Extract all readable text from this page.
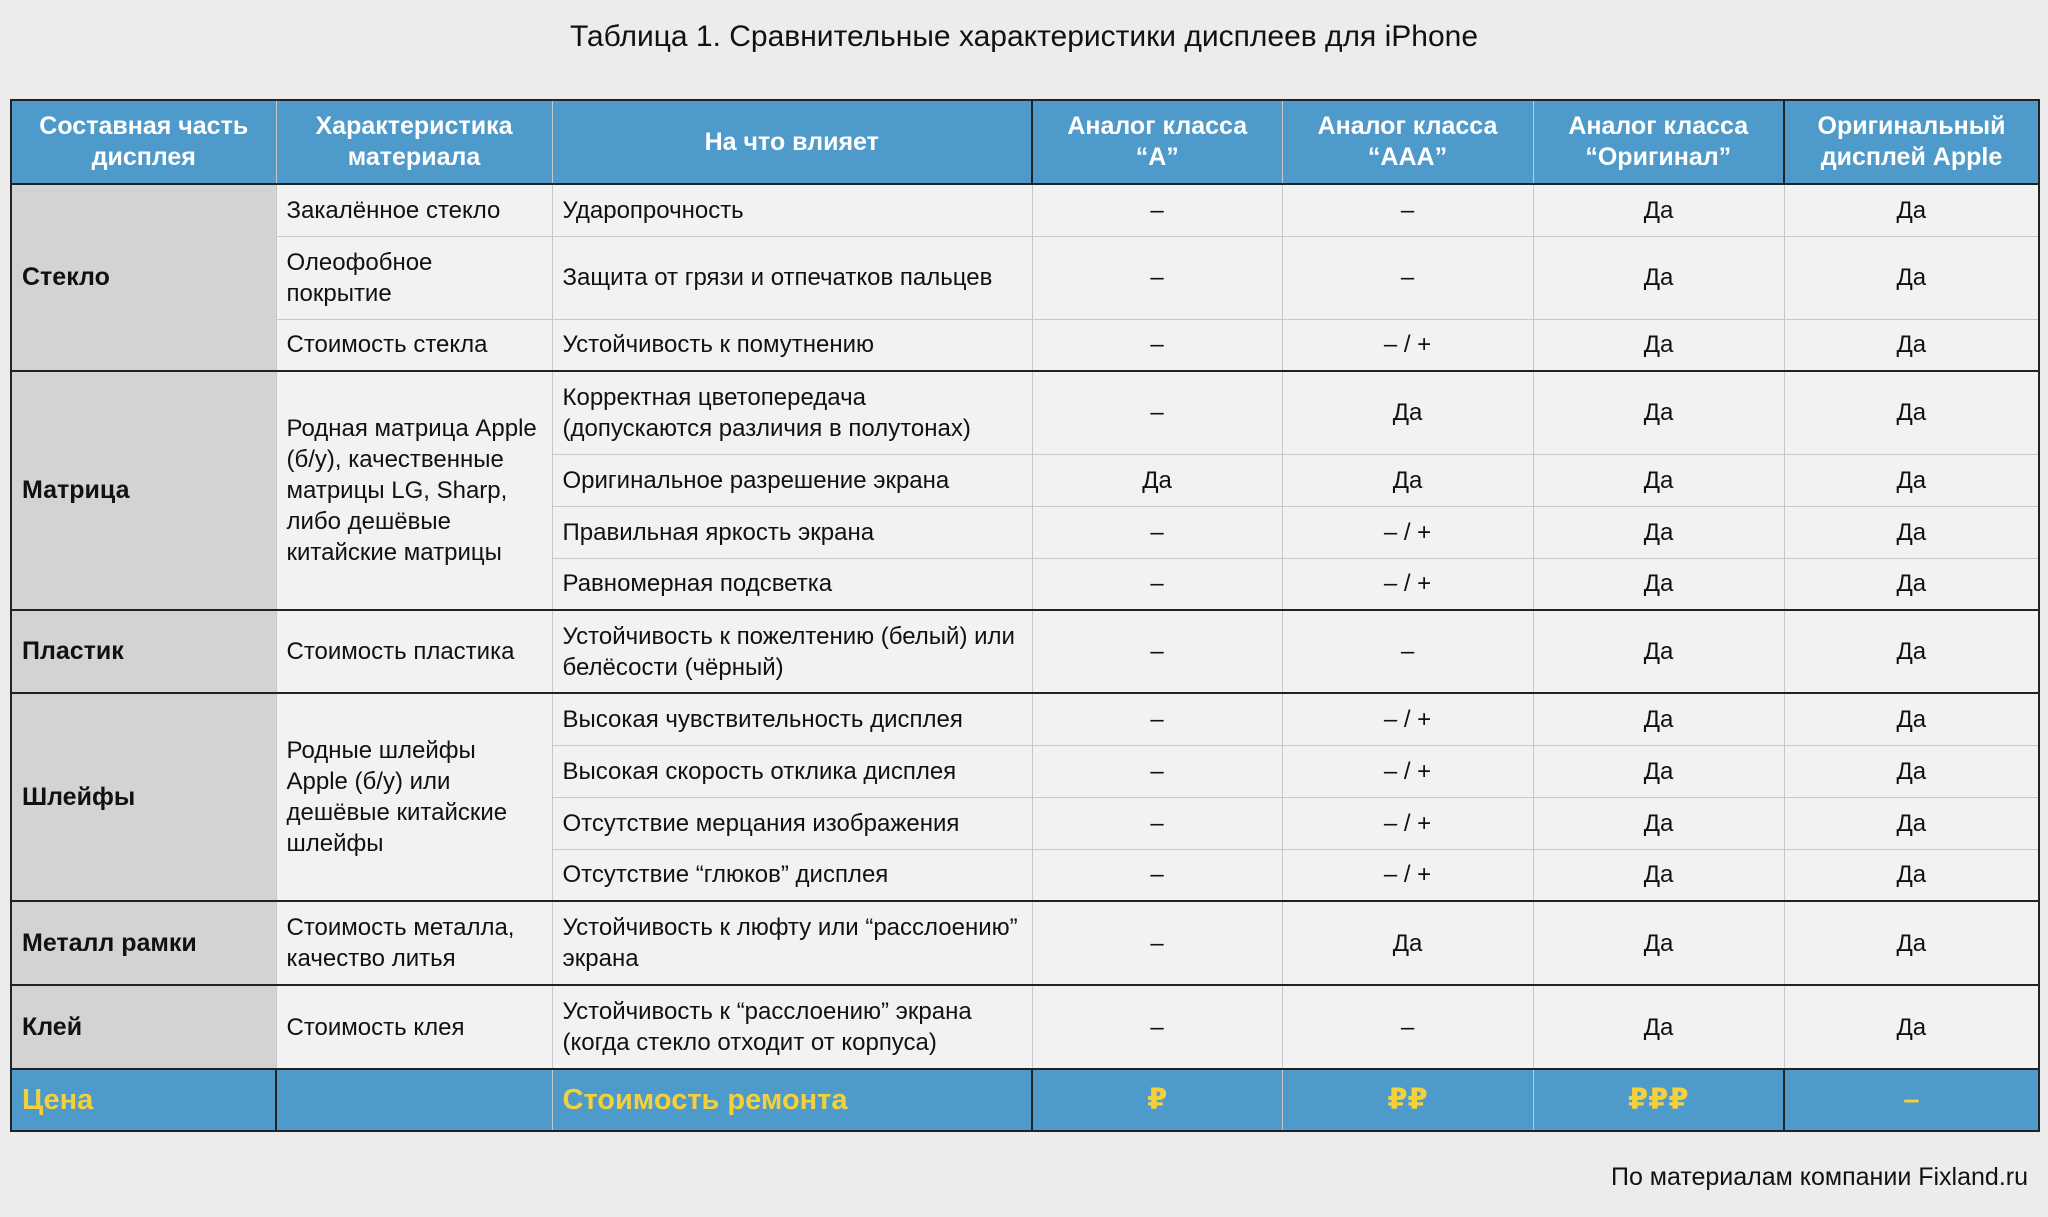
Таблица 1. Сравнительные характеристики дисплеев для iPhone
Составная часть дисплея	Характеристика материала	На что влияет	Аналог класса “A”	Аналог класса “AAA”	Аналог класса “Оригинал”	Оригинальный дисплей Apple
Стекло	Закалённое стекло	Ударопрочность	–	–	Да	Да
	Олеофобное покрытие	Защита от грязи и отпечатков пальцев	–	–	Да	Да
	Стоимость стекла	Устойчивость к помутнению	–	– / +	Да	Да
Матрица	Родная матрица Apple (б/у), качественные матрицы LG, Sharp, либо дешёвые китайские матрицы	Корректная цветопередача (допускаются различия в полутонах)	–	Да	Да	Да
		Оригинальное разрешение экрана	Да	Да	Да	Да
		Правильная яркость экрана	–	– / +	Да	Да
		Равномерная подсветка	–	– / +	Да	Да
Пластик	Стоимость пластика	Устойчивость к пожелтению (белый) или белёсости (чёрный)	–	–	Да	Да
Шлейфы	Родные шлейфы Apple (б/у) или дешёвые китайские шлейфы	Высокая чувствительность дисплея	–	– / +	Да	Да
		Высокая скорость отклика дисплея	–	– / +	Да	Да
		Отсутствие мерцания изображения	–	– / +	Да	Да
		Отсутствие “глюков” дисплея	–	– / +	Да	Да
Металл рамки	Стоимость металла, качество литья	Устойчивость к люфту или “расслоению” экрана	–	Да	Да	Да
Клей	Стоимость клея	Устойчивость к “расслоению” экрана (когда стекло отходит от корпуса)	–	–	Да	Да
Цена		Стоимость ремонта	₽	₽₽	₽₽₽	–
По материалам компании Fixland.ru
